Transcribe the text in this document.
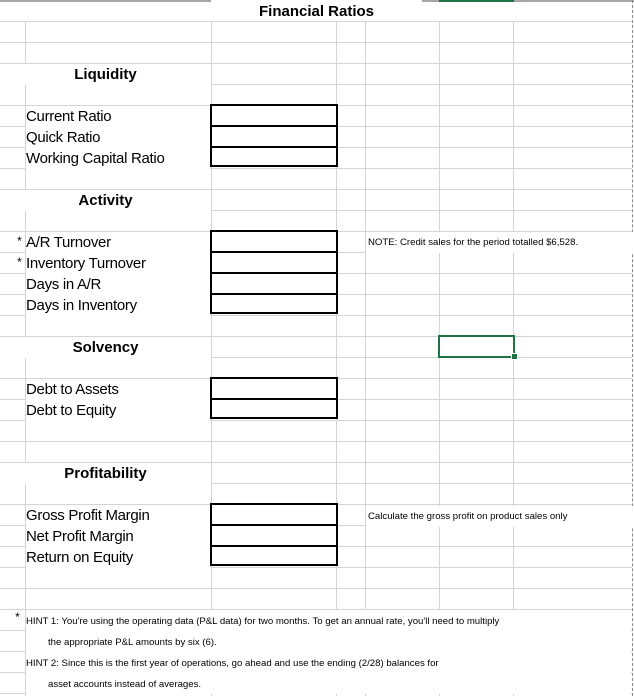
Financial Ratios
Liquidity
Current Ratio
Quick Ratio
Working Capital Ratio
Activity
* A/R Turnover
* Inventory Turnover
Days in A/R
Days in Inventory
NOTE: Credit sales for the period totalled $6,528.
Solvency
Debt to Assets
Debt to Equity
Profitability
Gross Profit Margin
Net Profit Margin
Return on Equity
Calculate the gross profit on product sales only
* HINT 1: You're using the operating data (P&L data) for two months. To get an annual rate, you'll need to multiply
the appropriate P&L amounts by six (6).
HINT 2: Since this is the first year of operations, go ahead and use the ending (2/28) balances for
asset accounts instead of averages.
